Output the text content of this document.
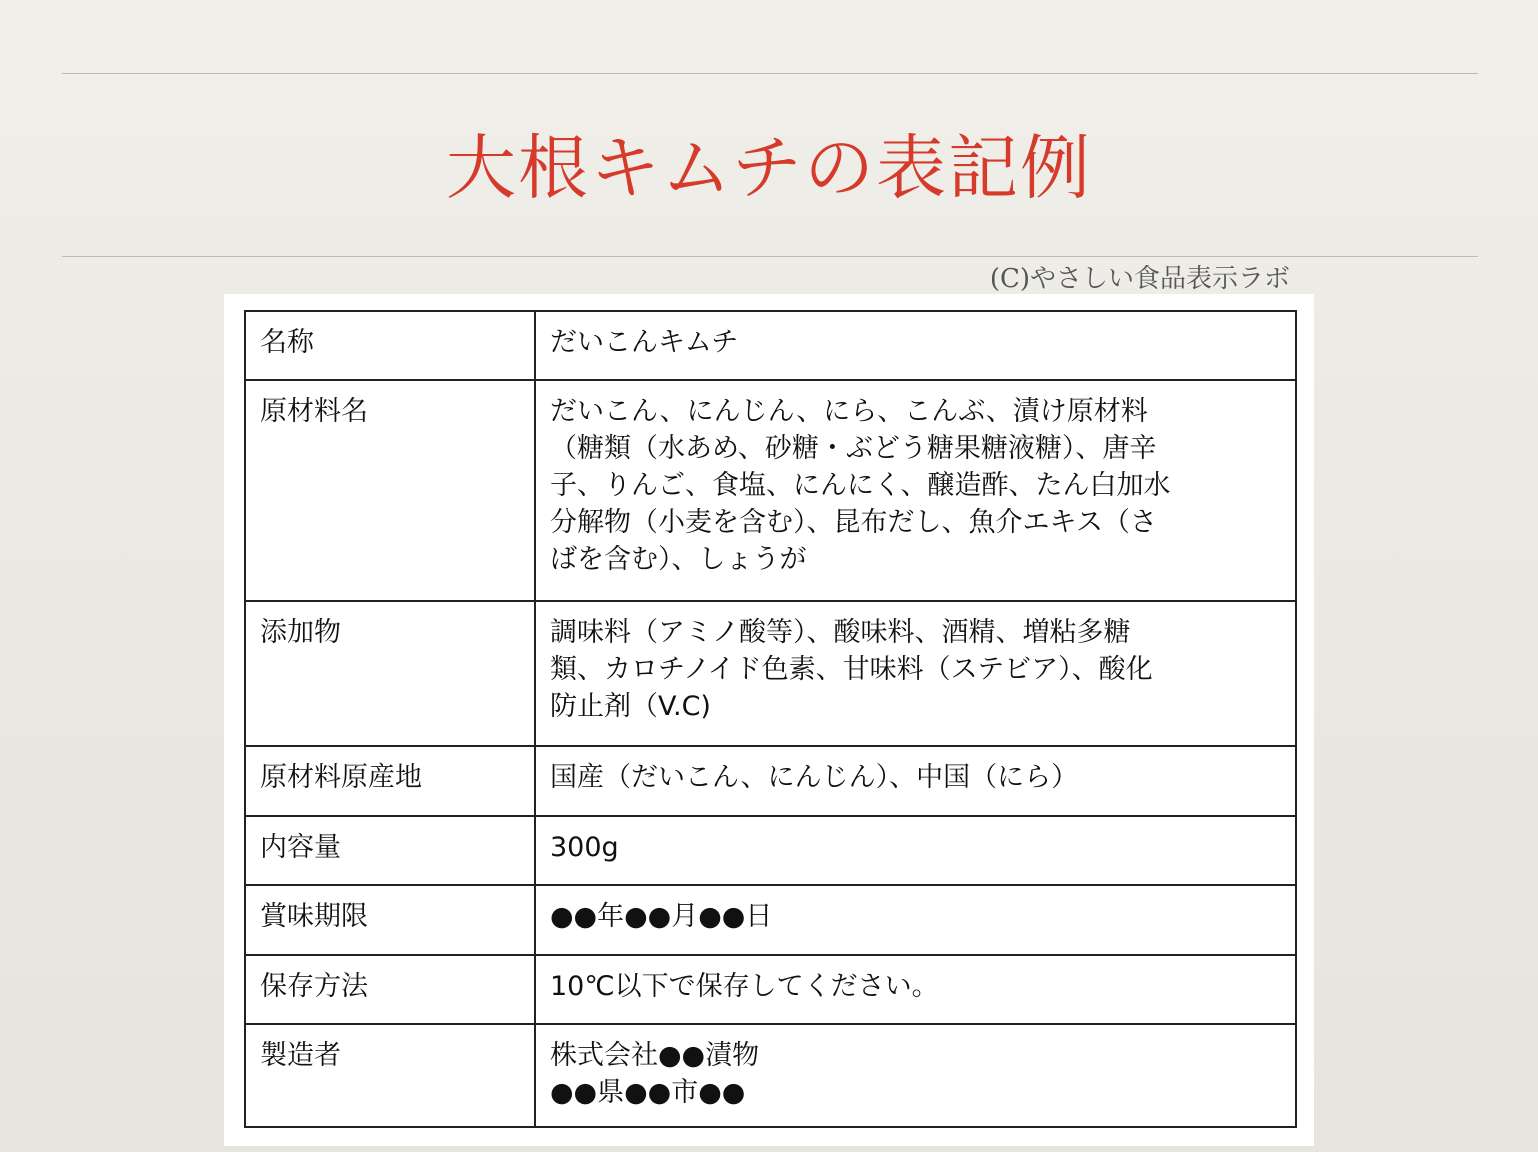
大根キムチの表記例
(C)やさしい食品表示ラボ
名称	だいこんキムチ
原材料名	だいこん、にんじん、にら、こんぶ、漬け原材料
（糖類（水あめ、砂糖・ぶどう糖果糖液糖）、唐辛
子、りんご、食塩、にんにく、醸造酢、たん白加水
分解物（小麦を含む）、昆布だし、魚介エキス（さ
ばを含む）、しょうが
添加物	調味料（アミノ酸等）、酸味料、酒精、増粘多糖
類、カロチノイド色素、甘味料（ステビア）、酸化
防止剤（V.C)
原材料原産地	国産（だいこん、にんじん）、中国（にら）
内容量	300g
賞味期限	●●年●●月●●日
保存方法	10℃以下で保存してください。
製造者	株式会社●●漬物
●●県●●市●●
